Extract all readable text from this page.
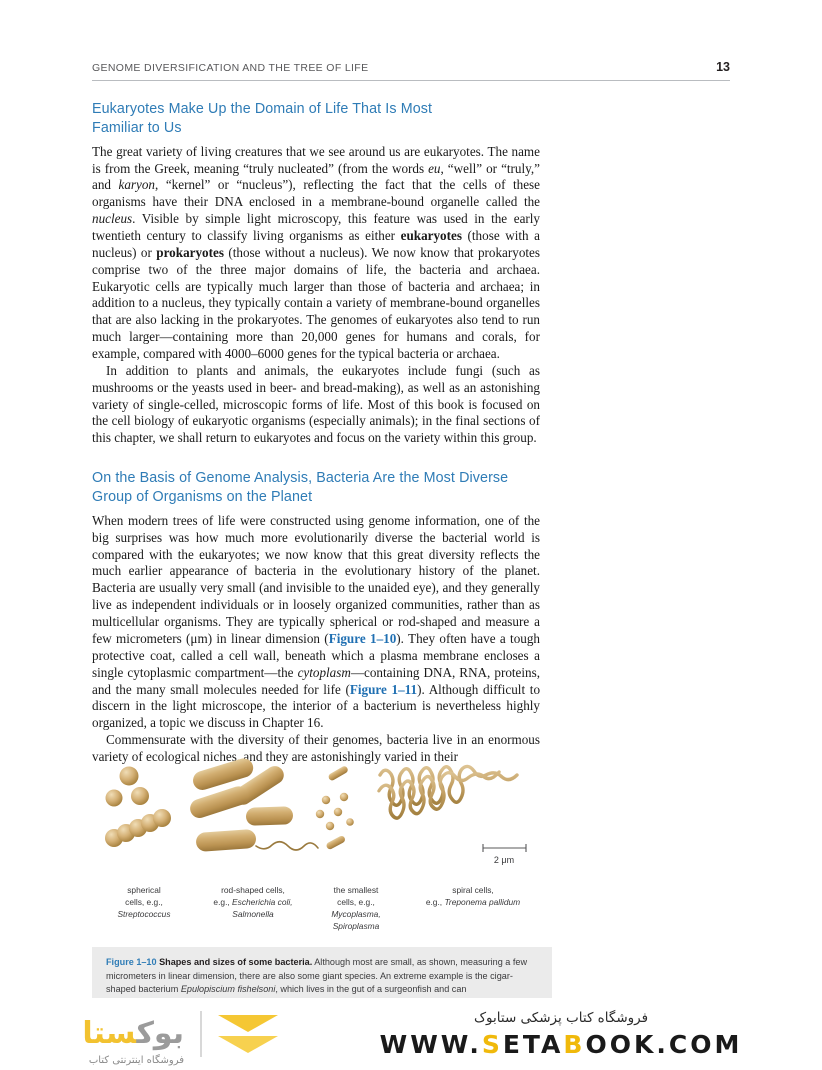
GENOME DIVERSIFICATION AND THE TREE OF LIFE	13
Eukaryotes Make Up the Domain of Life That Is Most
Familiar to Us

The great variety of living creatures that we see around us are eukaryotes. The name is from the Greek, meaning “truly nucleated” (from the words eu, “well” or “truly,” and karyon, “kernel” or “nucleus”), reflecting the fact that the cells of these organisms have their DNA enclosed in a membrane-bound organelle called the nucleus. Visible by simple light microscopy, this feature was used in the early twentieth century to classify living organisms as either eukaryotes (those with a nucleus) or prokaryotes (those without a nucleus). We now know that prokaryotes comprise two of the three major domains of life, the bacteria and archaea. Eukaryotic cells are typically much larger than those of bacteria and archaea; in addition to a nucleus, they typically contain a variety of membrane-bound organelles that are also lacking in the prokaryotes. The genomes of eukaryotes also tend to run much larger—containing more than 20,000 genes for humans and corals, for example, compared with 4000–6000 genes for the typical bacteria or archaea.

In addition to plants and animals, the eukaryotes include fungi (such as mushrooms or the yeasts used in beer- and bread-making), as well as an astonishing variety of single-celled, microscopic forms of life. Most of this book is focused on the cell biology of eukaryotic organisms (especially animals); in the final sections of this chapter, we shall return to eukaryotes and focus on the variety within this group.

On the Basis of Genome Analysis, Bacteria Are the Most Diverse
Group of Organisms on the Planet

When modern trees of life were constructed using genome information, one of the big surprises was how much more evolutionarily diverse the bacterial world is compared with the eukaryotes; we now know that this great diversity reflects the much earlier appearance of bacteria in the evolutionary history of the planet. Bacteria are usually very small (and invisible to the unaided eye), and they generally live as independent individuals or in loosely organized communities, rather than as multicellular organisms. They are typically spherical or rod-shaped and measure a few micrometers (μm) in linear dimension (Figure 1–10). They often have a tough protective coat, called a cell wall, beneath which a plasma membrane encloses a single cytoplasmic compartment—the cytoplasm—containing DNA, RNA, proteins, and the many small molecules needed for life (Figure 1–11). Although difficult to discern in the light microscope, the interior of a bacterium is nevertheless highly organized, a topic we discuss in Chapter 16.

Commensurate with the diversity of their genomes, bacteria live in an enormous variety of ecological niches, and they are astonishingly varied in their

2 μm
spherical
cells, e.g.,
Streptococcus
rod-shaped cells,
e.g., Escherichia coli,
Salmonella
the smallest
cells, e.g.,
Mycoplasma,
Spiroplasma
spiral cells,
e.g., Treponema pallidum

Figure 1–10 Shapes and sizes of some bacteria. Although most are small, as shown, measuring a few micrometers in linear dimension, there are also some giant species. An extreme example is the cigar-shaped bacterium Epulopiscium fishelsoni, which lives in the gut of a surgeonfish and can

بوکستا
فروشگاه اینترنتی کتاب
فروشگاه کتاب پزشکی ستابوک
WWW.SETABOOK.COM
